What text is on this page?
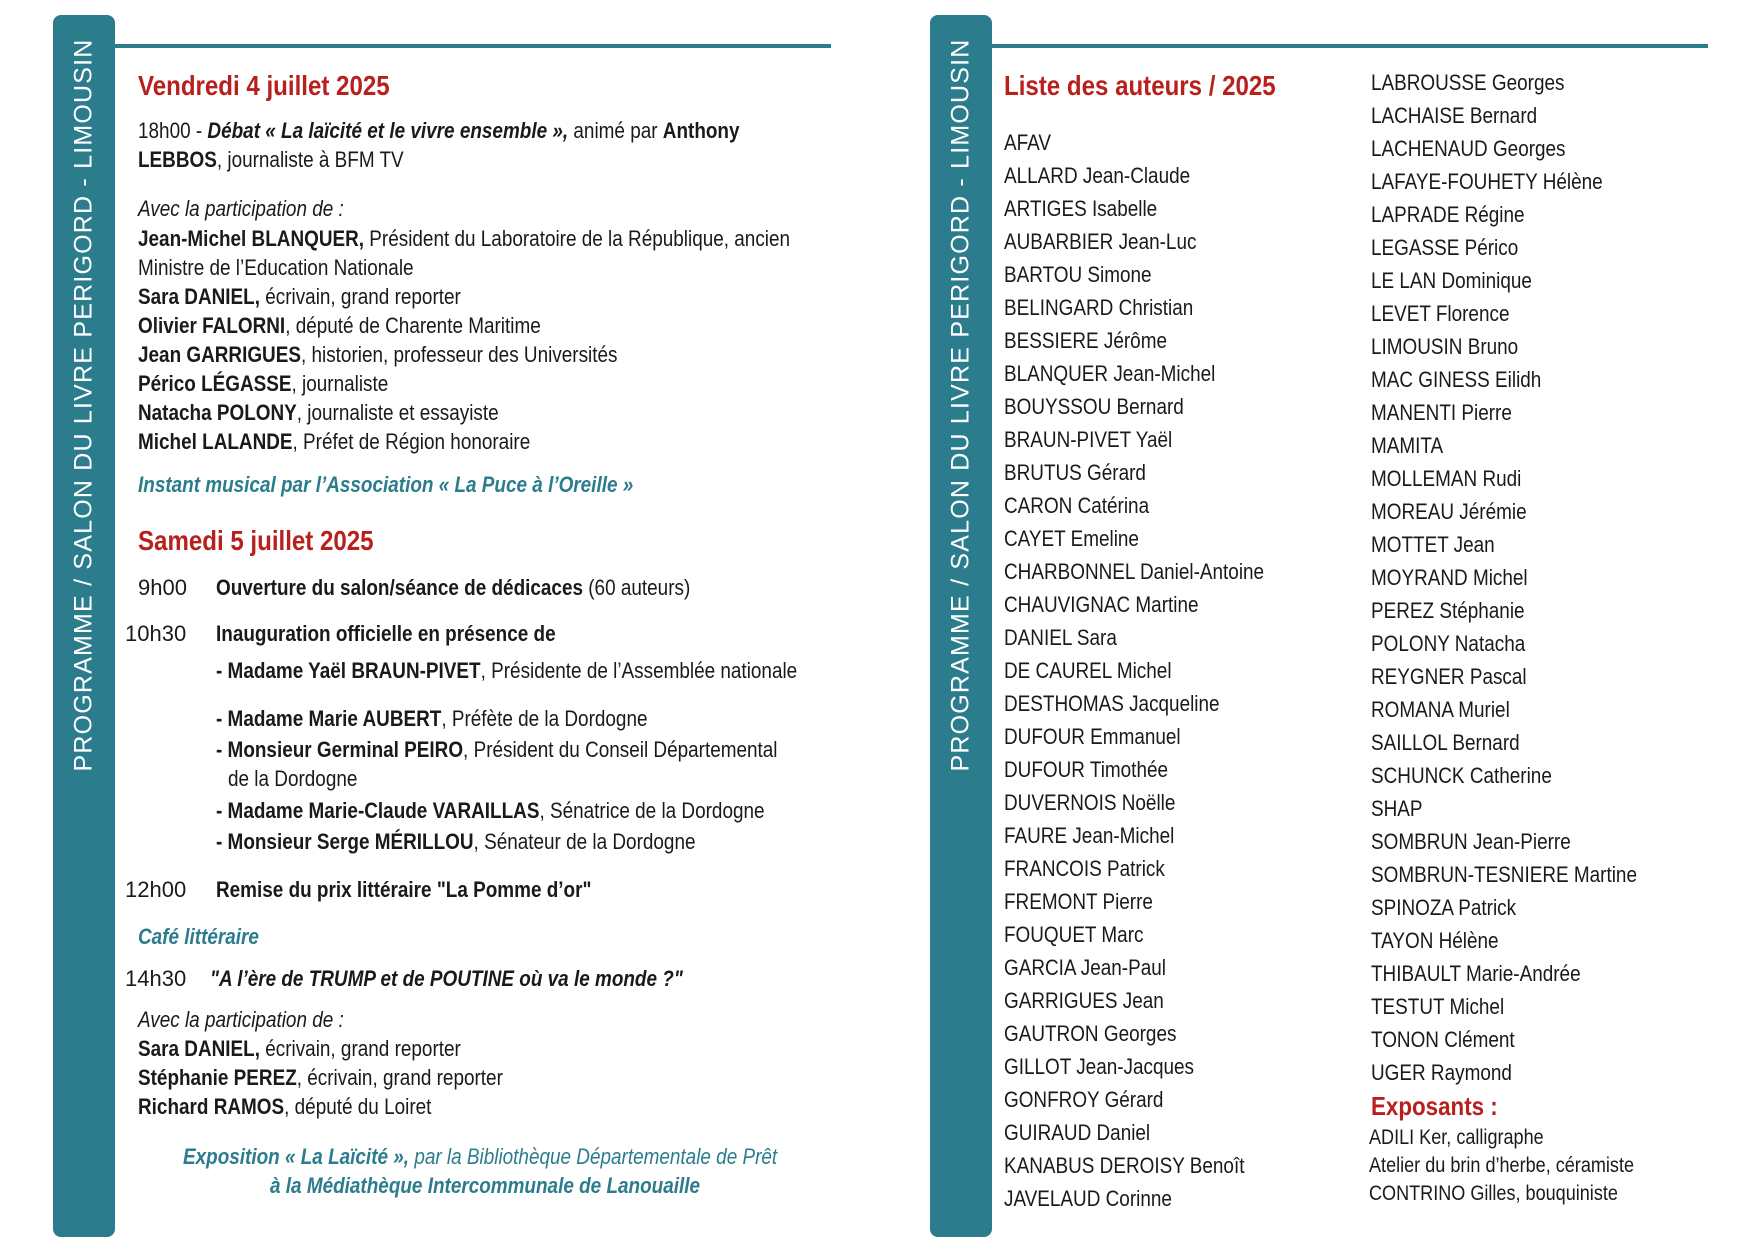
PROGRAMME / SALON DU LIVRE PERIGORD - LIMOUSIN Vendredi 4 juillet 2025
18h00 - Débat « La laïcité et le vivre ensemble », animé par Anthony
LEBBOS, journaliste à BFM TV
Avec la participation de :
Jean-Michel BLANQUER, Président du Laboratoire de la République, ancien
Ministre de l’Education Nationale
Sara DANIEL, écrivain, grand reporter
Olivier FALORNI, député de Charente Maritime
Jean GARRIGUES, historien, professeur des Universités
Périco LÉGASSE, journaliste
Natacha POLONY, journaliste et essayiste
Michel LALANDE, Préfet de Région honoraire
Instant musical par l’Association « La Puce à l’Oreille »
Samedi 5 juillet 2025
9h00 Ouverture du salon/séance de dédicaces (60 auteurs)
10h30 Inauguration officielle en présence de
- Madame Yaël BRAUN-PIVET, Présidente de l’Assemblée nationale
- Madame Marie AUBERT, Préfète de la Dordogne
- Monsieur Germinal PEIRO, Président du Conseil Départemental
de la Dordogne
- Madame Marie-Claude VARAILLAS, Sénatrice de la Dordogne
- Monsieur Serge MÉRILLOU, Sénateur de la Dordogne
12h00 Remise du prix littéraire "La Pomme d’or"
Café littéraire
14h30 "A l’ère de TRUMP et de POUTINE où va le monde ?"
Avec la participation de :
Sara DANIEL, écrivain, grand reporter
Stéphanie PEREZ, écrivain, grand reporter
Richard RAMOS, député du Loiret
Exposition « La Laïcité », par la Bibliothèque Départementale de Prêt
à la Médiathèque Intercommunale de Lanouaille
PROGRAMME / SALON DU LIVRE PERIGORD - LIMOUSIN Liste des auteurs / 2025
AFAV
ALLARD Jean-Claude
ARTIGES Isabelle
AUBARBIER Jean-Luc
BARTOU Simone
BELINGARD Christian
BESSIERE Jérôme
BLANQUER Jean-Michel
BOUYSSOU Bernard
BRAUN-PIVET Yaël
BRUTUS Gérard
CARON Catérina
CAYET Emeline
CHARBONNEL Daniel-Antoine
CHAUVIGNAC Martine
DANIEL Sara
DE CAUREL Michel
DESTHOMAS Jacqueline
DUFOUR Emmanuel
DUFOUR Timothée
DUVERNOIS Noëlle
FAURE Jean-Michel
FRANCOIS Patrick
FREMONT Pierre
FOUQUET Marc
GARCIA Jean-Paul
GARRIGUES Jean
GAUTRON Georges
GILLOT Jean-Jacques
GONFROY Gérard
GUIRAUD Daniel
KANABUS DEROISY Benoît
JAVELAUD Corinne
LABROUSSE Georges
LACHAISE Bernard
LACHENAUD Georges
LAFAYE-FOUHETY Hélène
LAPRADE Régine
LEGASSE Périco
LE LAN Dominique
LEVET Florence
LIMOUSIN Bruno
MAC GINESS Eilidh
MANENTI Pierre
MAMITA
MOLLEMAN Rudi
MOREAU Jérémie
MOTTET Jean
MOYRAND Michel
PEREZ Stéphanie
POLONY Natacha
REYGNER Pascal
ROMANA Muriel
SAILLOL Bernard
SCHUNCK Catherine
SHAP
SOMBRUN Jean-Pierre
SOMBRUN-TESNIERE Martine
SPINOZA Patrick
TAYON Hélène
THIBAULT Marie-Andrée
TESTUT Michel
TONON Clément
UGER Raymond
Exposants :
ADILI Ker, calligraphe
Atelier du brin d’herbe, céramiste
CONTRINO Gilles, bouquiniste
